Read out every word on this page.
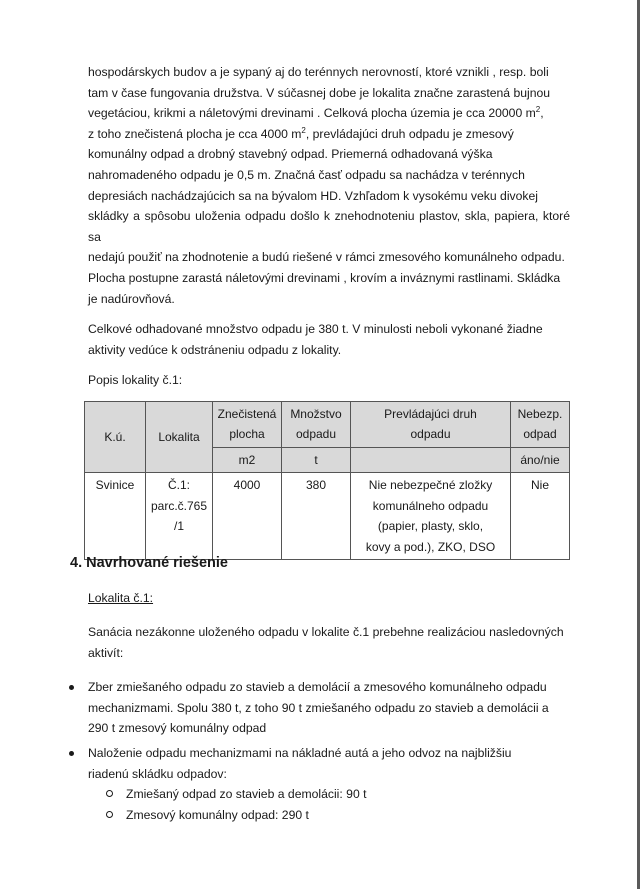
hospodárskych budov a je sypaný aj do terénnych nerovností, ktoré vznikli , resp. boli
tam v čase fungovania družstva. V súčasnej dobe je lokalita značne zarastená bujnou
vegetáciou, krikmi a náletovými drevinami . Celková plocha územia je cca 20000 $m^2$,
z toho znečistená plocha je cca 4000 $m^2$, prevládajúci druh odpadu je zmesový
komunálny odpad a drobný stavebný odpad. Priemerná odhadovaná výška
nahromadeného odpadu je 0,5 m. Značná časť odpadu sa nachádza v terénnych
depresiách nachádzajúcich sa na bývalom HD. Vzhľadom k vysokému veku divokej
skládky a spôsobu uloženia odpadu došlo k znehodnoteniu plastov, skla, papiera, ktoré sa
nedajú použiť na zhodnotenie a budú riešené v rámci zmesového komunálneho odpadu.
Plocha postupne zarastá náletovými drevinami , krovím a inváznymi rastlinami. Skládka
je nadúrovňová.

Celkové odhadované množstvo odpadu je 380 t. V minulosti neboli vykonané žiadne
aktivity vedúce k odstráneniu odpadu z lokality.

Popis lokality č.1:

K.ú.	Lokalita	Znečistená
plocha	Množstvo
odpadu	Prevládajúci druh
odpadu	Nebezp.
odpad

		m2	t		áno/nie
Svinice	Č.1:
parc.č.765
/1	4000	380	Nie nebezpečné zložky
komunálneho odpadu
(papier, plasty, sklo,
kovy a pod.), ZKO, DSO	Nie
4. Navrhované riešenie

Lokalita č.1:

Sanácia nezákonne uloženého odpadu v lokalite č.1 prebehne realizáciou nasledovných
aktivít:

Zber zmiešaného odpadu zo stavieb a demolácií a zmesového komunálneho odpadu
mechanizmami. Spolu 380 t, z toho 90 t zmiešaného odpadu zo stavieb a demolácii a
290 t zmesový komunálny odpad
Naloženie odpadu mechanizmami na nákladné autá a jeho odvoz na najbližšiu
riadenú skládku odpadov:
Zmiešaný odpad zo stavieb a demolácii: 90 t
Zmesový komunálny odpad: 290 t
